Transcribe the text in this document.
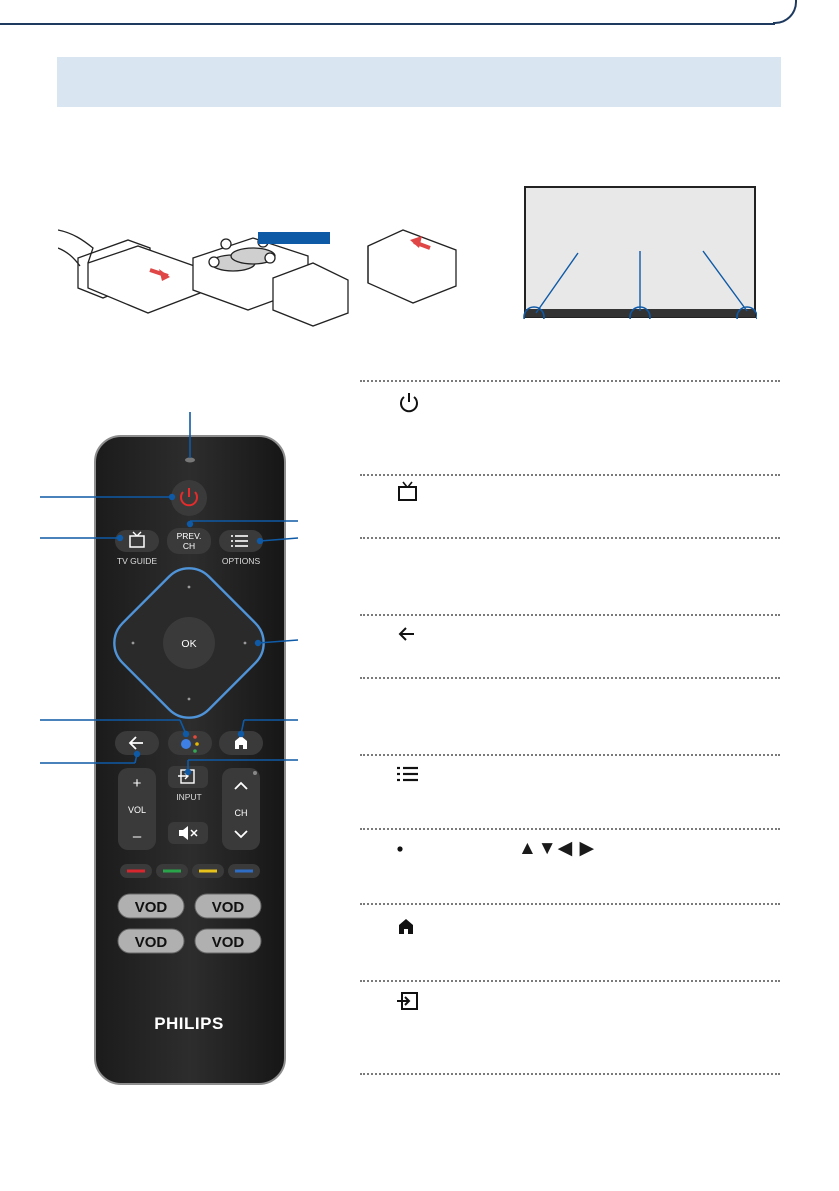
TV GUIDE
PREV.
CH
OPTIONS
OK
+
VOL
–
INPUT
CH
VOD	VOD
VOD	VOD
PHILIPS
▲▼◀ ▶
